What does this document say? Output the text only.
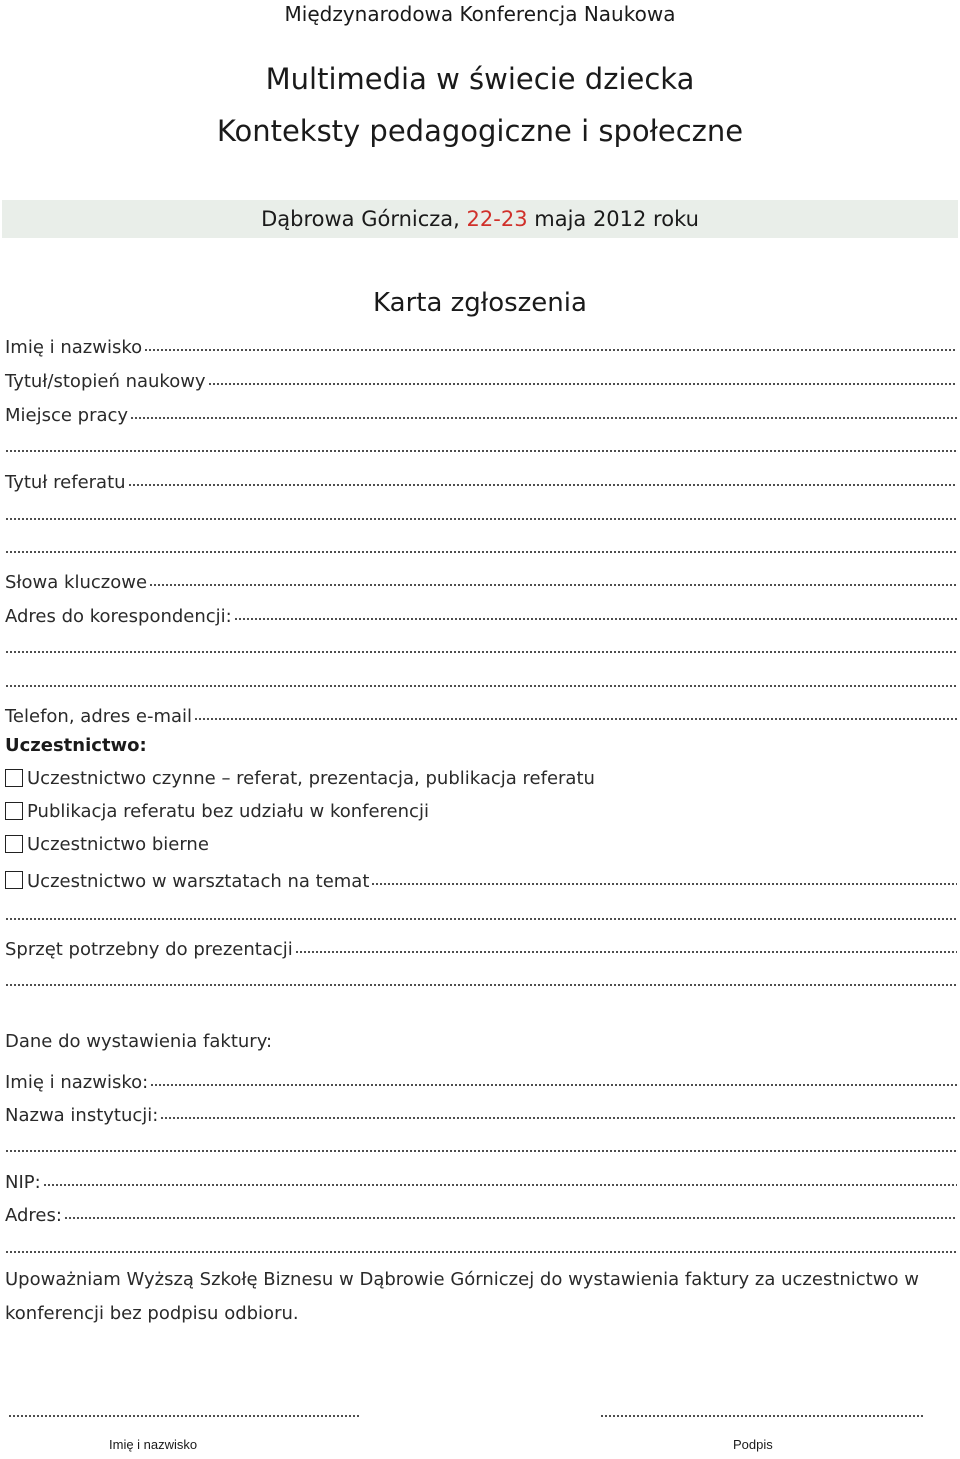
Międzynarodowa Konferencja Naukowa
Multimedia w świecie dziecka
Konteksty pedagogiczne i społeczne
Dąbrowa Górnicza, 22-23 maja 2012 roku
Karta zgłoszenia
Imię i nazwisko
Tytuł/stopień naukowy
Miejsce pracy
Tytuł referatu
Słowa kluczowe
Adres do korespondencji:
Telefon, adres e-mail
Uczestnictwo:
Uczestnictwo czynne – referat, prezentacja, publikacja referatu
Publikacja referatu bez udziału w konferencji
Uczestnictwo bierne
Uczestnictwo w warsztatach na temat
Sprzęt potrzebny do prezentacji
Dane do wystawienia faktury:
Imię i nazwisko:
Nazwa instytucji:
NIP:
Adres:
Upoważniam Wyższą Szkołę Biznesu w Dąbrowie Górniczej do wystawienia faktury za uczestnictwo w konferencji bez podpisu odbioru.
Imię i nazwisko	Podpis
